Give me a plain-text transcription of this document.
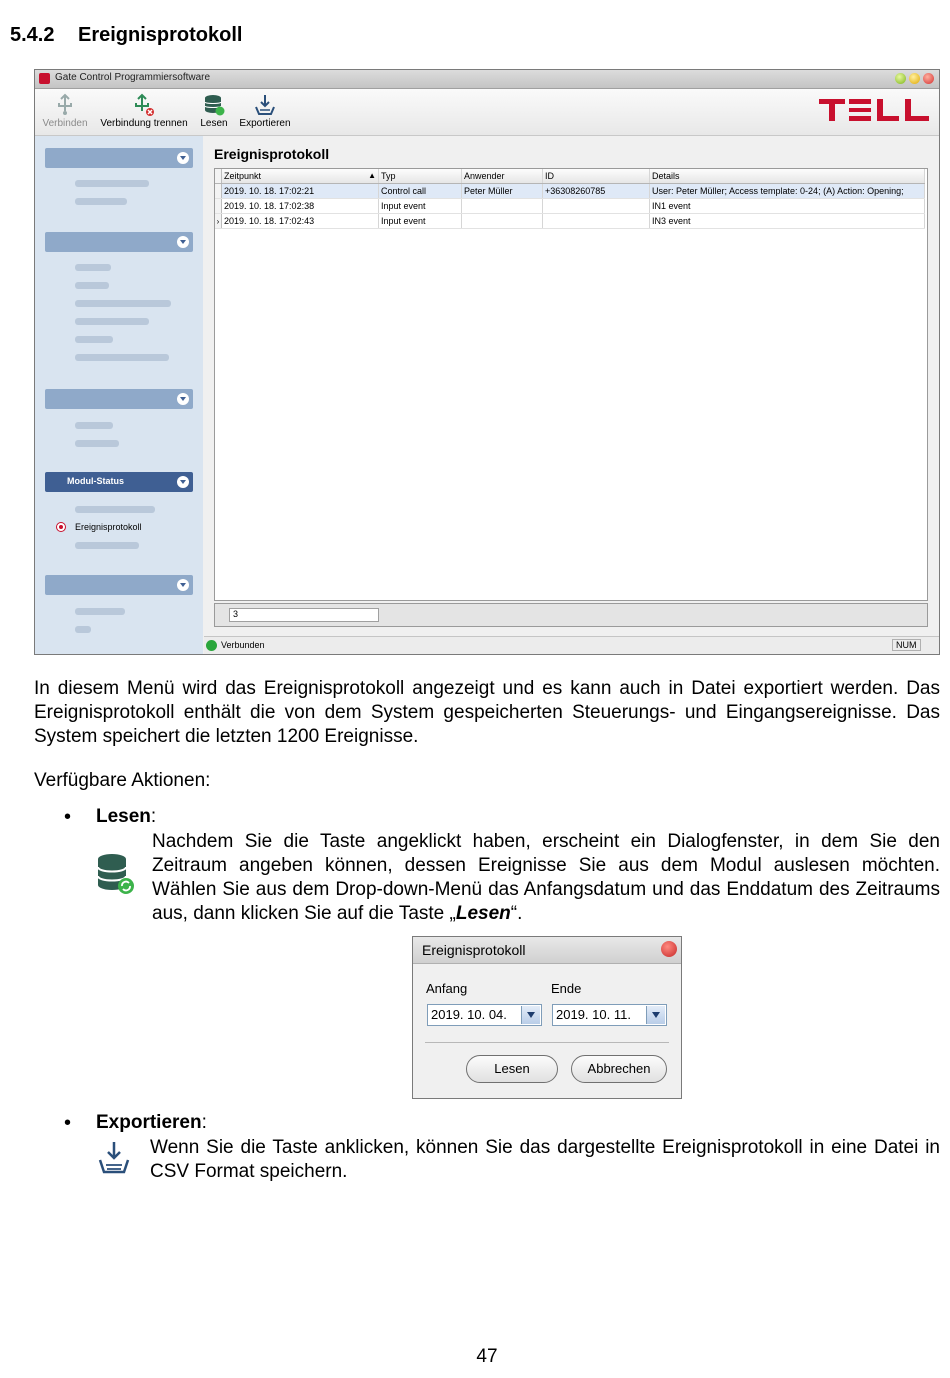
5.4.2 Ereignisprotokoll
Gate Control Programmiersoftware
Verbinden	Verbindung trennen	Lesen	Exportieren
Modul-Status
Ereignisprotokoll
Ereignisprotokoll
	Zeitpunkt ▲	Typ	Anwender	ID	Details
	2019. 10. 18. 17:02:21	Control call	Peter Müller	+36308260785	User: Peter Müller; Access template: 0-24; (A) Action: Opening;
	2019. 10. 18. 17:02:38	Input event			IN1 event
›	2019. 10. 18. 17:02:43	Input event			IN3 event
3
Verbunden	NUM
In diesem Menü wird das Ereignisprotokoll angezeigt und es kann auch in Datei exportiert werden. Das Ereignisprotokoll enthält die von dem System gespeicherten Steuerungs- und Eingangsereignisse. Das System speichert die letzten 1200 Ereignisse.
Verfügbare Aktionen:
• Lesen:
Nachdem Sie die Taste angeklickt haben, erscheint ein Dialogfenster, in dem Sie den Zeitraum angeben können, dessen Ereignisse Sie aus dem Modul auslesen möchten. Wählen Sie aus dem Drop-down-Menü das Anfangsdatum und das Enddatum des Zeitraums aus, dann klicken Sie auf die Taste „Lesen“.
Ereignisprotokoll
Anfang	Ende
2019. 10. 04.	2019. 10. 11.
Lesen	Abbrechen
• Exportieren:
Wenn Sie die Taste anklicken, können Sie das dargestellte Ereignisprotokoll in eine Datei in CSV Format speichern.
47
